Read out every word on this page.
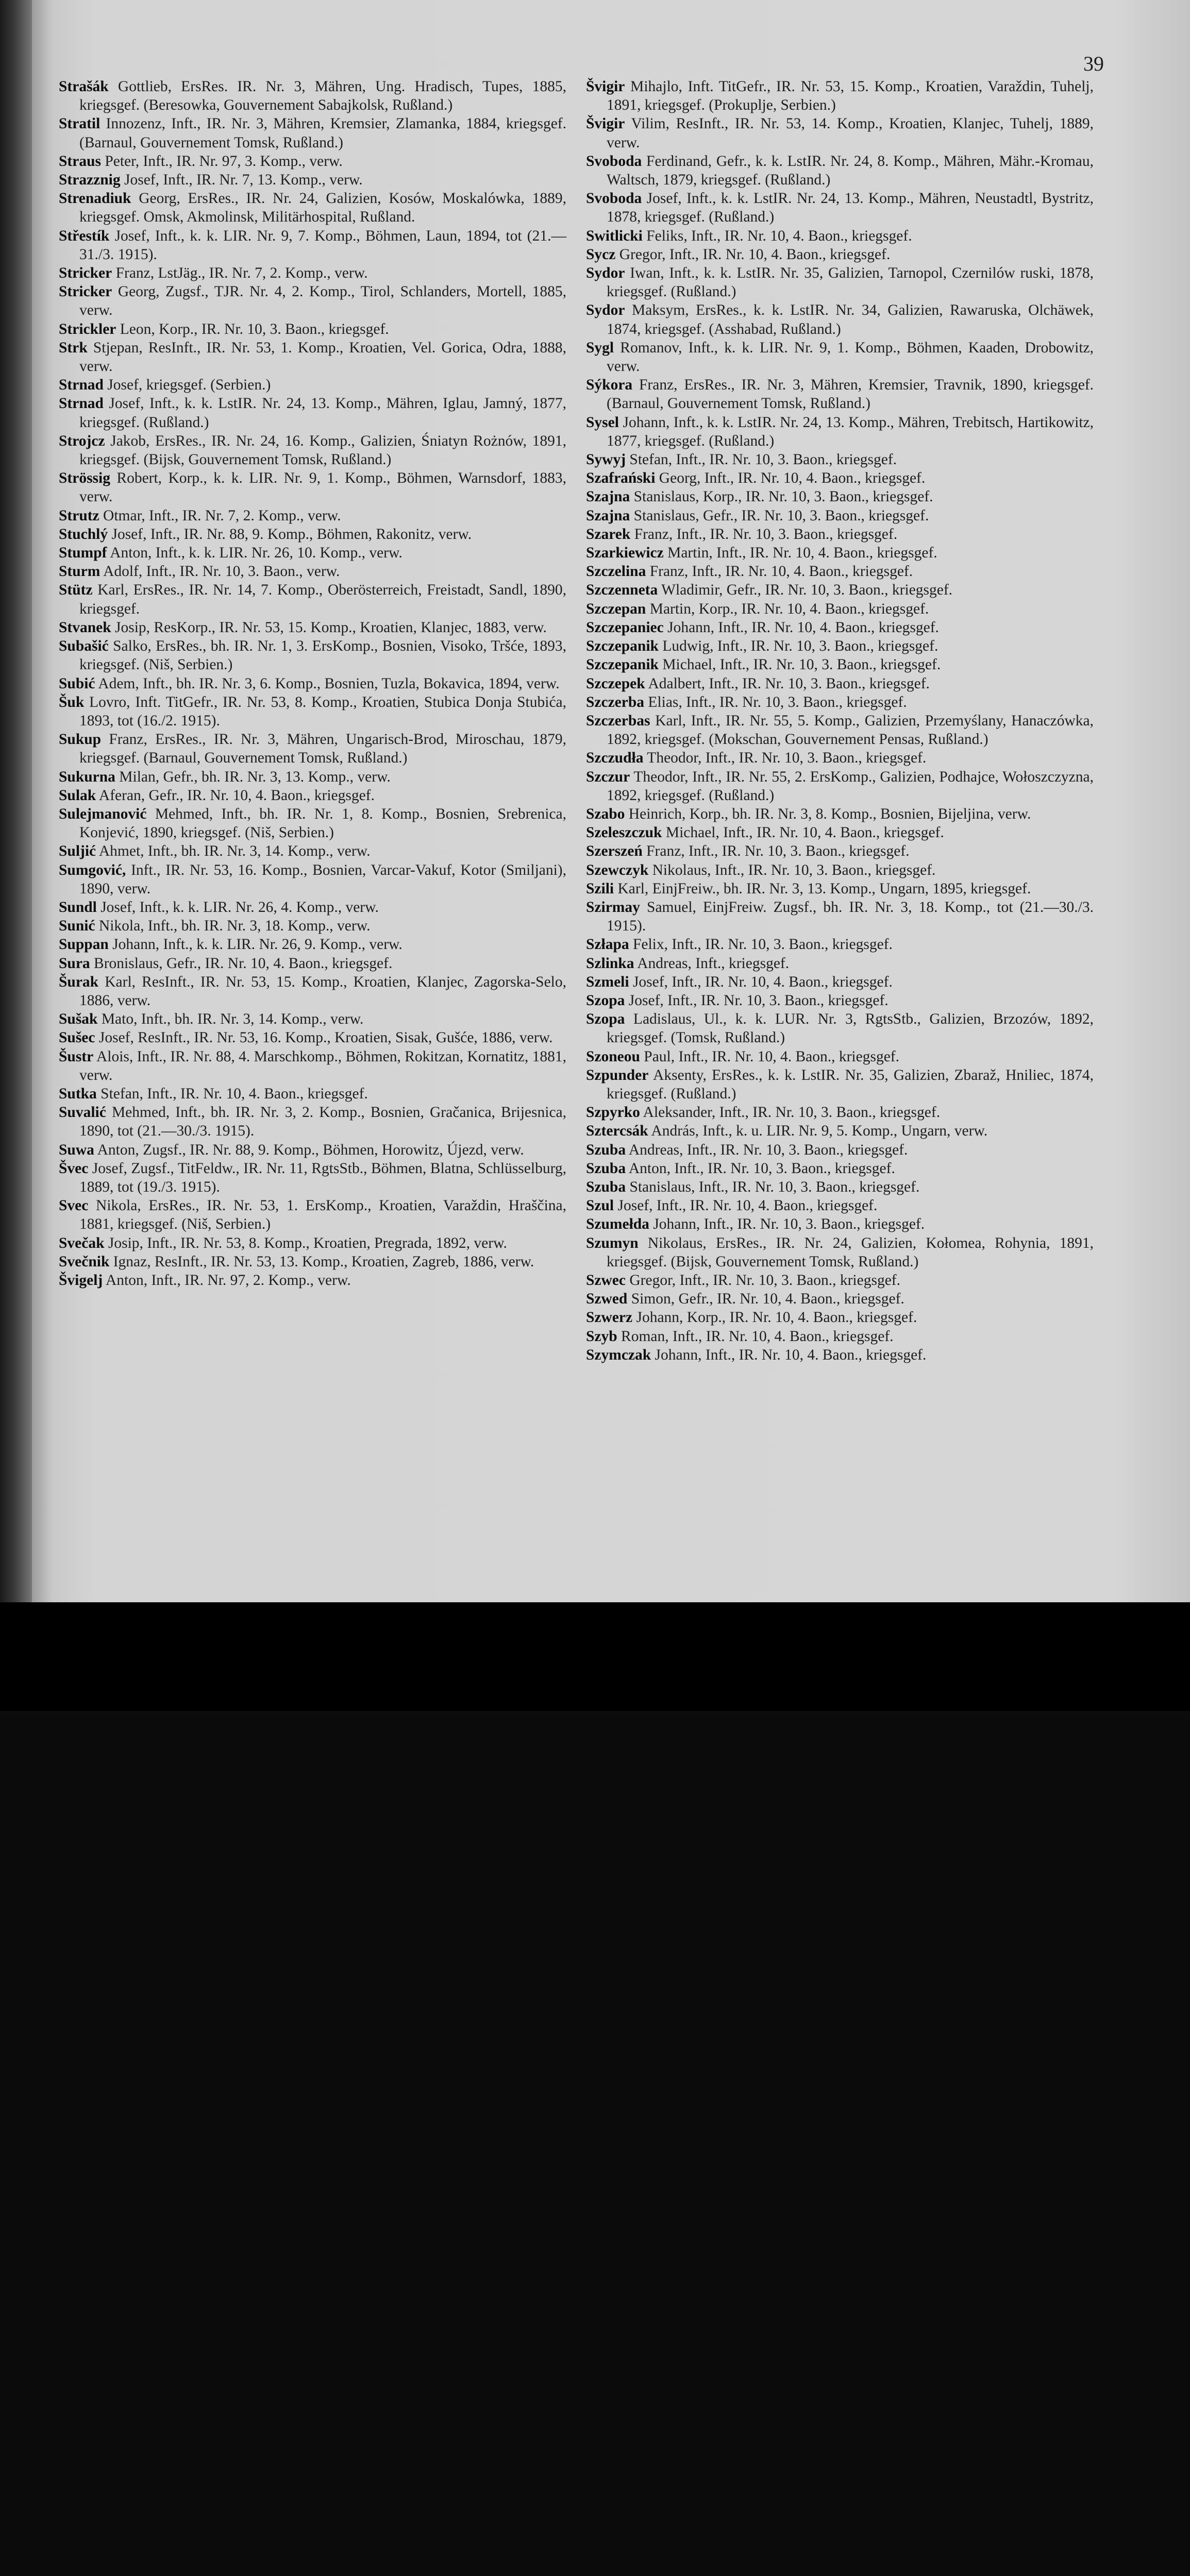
39
Strašák Gottlieb, ErsRes. IR. Nr. 3, Mähren, Ung. Hradisch, Tupes, 1885, kriegsgef. (Beresowka, Gouvernement Sabajkolsk, Rußland.)
Stratil Innozenz, Inft., IR. Nr. 3, Mähren, Kremsier, Zlamanka, 1884, kriegsgef. (Barnaul, Gouvernement Tomsk, Rußland.)
Straus Peter, Inft., IR. Nr. 97, 3. Komp., verw.
Strazznig Josef, Inft., IR. Nr. 7, 13. Komp., verw.
Strenadiuk Georg, ErsRes., IR. Nr. 24, Galizien, Kosów, Moskalówka, 1889, kriegsgef. Omsk, Akmolinsk, Militärhospital, Rußland.
Střestík Josef, Inft., k. k. LIR. Nr. 9, 7. Komp., Böhmen, Laun, 1894, tot (21.—31./3. 1915).
Stricker Franz, LstJäg., IR. Nr. 7, 2. Komp., verw.
Stricker Georg, Zugsf., TJR. Nr. 4, 2. Komp., Tirol, Schlanders, Mortell, 1885, verw.
Strickler Leon, Korp., IR. Nr. 10, 3. Baon., kriegsgef.
Strk Stjepan, ResInft., IR. Nr. 53, 1. Komp., Kroatien, Vel. Gorica, Odra, 1888, verw.
Strnad Josef, kriegsgef. (Serbien.)
Strnad Josef, Inft., k. k. LstIR. Nr. 24, 13. Komp., Mähren, Iglau, Jamný, 1877, kriegsgef. (Rußland.)
Strojcz Jakob, ErsRes., IR. Nr. 24, 16. Komp., Galizien, Śniatyn Rożnów, 1891, kriegsgef. (Bijsk, Gouvernement Tomsk, Rußland.)
Strössig Robert, Korp., k. k. LIR. Nr. 9, 1. Komp., Böhmen, Warnsdorf, 1883, verw.
Strutz Otmar, Inft., IR. Nr. 7, 2. Komp., verw.
Stuchlý Josef, Inft., IR. Nr. 88, 9. Komp., Böhmen, Rakonitz, verw.
Stumpf Anton, Inft., k. k. LIR. Nr. 26, 10. Komp., verw.
Sturm Adolf, Inft., IR. Nr. 10, 3. Baon., verw.
Stütz Karl, ErsRes., IR. Nr. 14, 7. Komp., Oberösterreich, Freistadt, Sandl, 1890, kriegsgef.
Stvanek Josip, ResKorp., IR. Nr. 53, 15. Komp., Kroatien, Klanjec, 1883, verw.
Subašić Salko, ErsRes., bh. IR. Nr. 1, 3. ErsKomp., Bosnien, Visoko, Tršće, 1893, kriegsgef. (Niš, Serbien.)
Subić Adem, Inft., bh. IR. Nr. 3, 6. Komp., Bosnien, Tuzla, Bokavica, 1894, verw.
Šuk Lovro, Inft. TitGefr., IR. Nr. 53, 8. Komp., Kroatien, Stubica Donja Stubića, 1893, tot (16./2. 1915).
Sukup Franz, ErsRes., IR. Nr. 3, Mähren, Ungarisch-Brod, Miroschau, 1879, kriegsgef. (Barnaul, Gouvernement Tomsk, Rußland.)
Sukurna Milan, Gefr., bh. IR. Nr. 3, 13. Komp., verw.
Sulak Aferan, Gefr., IR. Nr. 10, 4. Baon., kriegsgef.
Sulejmanović Mehmed, Inft., bh. IR. Nr. 1, 8. Komp., Bosnien, Srebrenica, Konjević, 1890, kriegsgef. (Niš, Serbien.)
Suljić Ahmet, Inft., bh. IR. Nr. 3, 14. Komp., verw.
Sumgović, Inft., IR. Nr. 53, 16. Komp., Bosnien, Varcar-Vakuf, Kotor (Smiljani), 1890, verw.
Sundl Josef, Inft., k. k. LIR. Nr. 26, 4. Komp., verw.
Sunić Nikola, Inft., bh. IR. Nr. 3, 18. Komp., verw.
Suppan Johann, Inft., k. k. LIR. Nr. 26, 9. Komp., verw.
Sura Bronislaus, Gefr., IR. Nr. 10, 4. Baon., kriegsgef.
Šurak Karl, ResInft., IR. Nr. 53, 15. Komp., Kroatien, Klanjec, Zagorska-Selo, 1886, verw.
Sušak Mato, Inft., bh. IR. Nr. 3, 14. Komp., verw.
Sušec Josef, ResInft., IR. Nr. 53, 16. Komp., Kroatien, Sisak, Gušće, 1886, verw.
Šustr Alois, Inft., IR. Nr. 88, 4. Marschkomp., Böhmen, Rokitzan, Kornatitz, 1881, verw.
Sutka Stefan, Inft., IR. Nr. 10, 4. Baon., kriegsgef.
Suvalić Mehmed, Inft., bh. IR. Nr. 3, 2. Komp., Bosnien, Gračanica, Brijesnica, 1890, tot (21.—30./3. 1915).
Suwa Anton, Zugsf., IR. Nr. 88, 9. Komp., Böhmen, Horowitz, Újezd, verw.
Švec Josef, Zugsf., TitFeldw., IR. Nr. 11, RgtsStb., Böhmen, Blatna, Schlüsselburg, 1889, tot (19./3. 1915).
Svec Nikola, ErsRes., IR. Nr. 53, 1. ErsKomp., Kroatien, Varaždin, Hraščina, 1881, kriegsgef. (Niš, Serbien.)
Svečak Josip, Inft., IR. Nr. 53, 8. Komp., Kroatien, Pregrada, 1892, verw.
Svečnik Ignaz, ResInft., IR. Nr. 53, 13. Komp., Kroatien, Zagreb, 1886, verw.
Švigelj Anton, Inft., IR. Nr. 97, 2. Komp., verw.
Švigir Mihajlo, Inft. TitGefr., IR. Nr. 53, 15. Komp., Kroatien, Varaždin, Tuhelj, 1891, kriegsgef. (Prokuplje, Serbien.)
Švigir Vilim, ResInft., IR. Nr. 53, 14. Komp., Kroatien, Klanjec, Tuhelj, 1889, verw.
Svoboda Ferdinand, Gefr., k. k. LstIR. Nr. 24, 8. Komp., Mähren, Mähr.-Kromau, Waltsch, 1879, kriegsgef. (Rußland.)
Svoboda Josef, Inft., k. k. LstIR. Nr. 24, 13. Komp., Mähren, Neustadtl, Bystritz, 1878, kriegsgef. (Rußland.)
Switlicki Feliks, Inft., IR. Nr. 10, 4. Baon., kriegsgef.
Sycz Gregor, Inft., IR. Nr. 10, 4. Baon., kriegsgef.
Sydor Iwan, Inft., k. k. LstIR. Nr. 35, Galizien, Tarnopol, Czernilów ruski, 1878, kriegsgef. (Rußland.)
Sydor Maksym, ErsRes., k. k. LstIR. Nr. 34, Galizien, Rawaruska, Olchäwek, 1874, kriegsgef. (Asshabad, Rußland.)
Sygl Romanov, Inft., k. k. LIR. Nr. 9, 1. Komp., Böhmen, Kaaden, Drobowitz, verw.
Sýkora Franz, ErsRes., IR. Nr. 3, Mähren, Kremsier, Travnik, 1890, kriegsgef. (Barnaul, Gouvernement Tomsk, Rußland.)
Sysel Johann, Inft., k. k. LstIR. Nr. 24, 13. Komp., Mähren, Trebitsch, Hartikowitz, 1877, kriegsgef. (Rußland.)
Sywyj Stefan, Inft., IR. Nr. 10, 3. Baon., kriegsgef.
Szafrański Georg, Inft., IR. Nr. 10, 4. Baon., kriegsgef.
Szajna Stanislaus, Korp., IR. Nr. 10, 3. Baon., kriegsgef.
Szajna Stanislaus, Gefr., IR. Nr. 10, 3. Baon., kriegsgef.
Szarek Franz, Inft., IR. Nr. 10, 3. Baon., kriegsgef.
Szarkiewicz Martin, Inft., IR. Nr. 10, 4. Baon., kriegsgef.
Szczelina Franz, Inft., IR. Nr. 10, 4. Baon., kriegsgef.
Szczenneta Wladimir, Gefr., IR. Nr. 10, 3. Baon., kriegsgef.
Szczepan Martin, Korp., IR. Nr. 10, 4. Baon., kriegsgef.
Szczepaniec Johann, Inft., IR. Nr. 10, 4. Baon., kriegsgef.
Szczepanik Ludwig, Inft., IR. Nr. 10, 3. Baon., kriegsgef.
Szczepanik Michael, Inft., IR. Nr. 10, 3. Baon., kriegsgef.
Szczepek Adalbert, Inft., IR. Nr. 10, 3. Baon., kriegsgef.
Szczerba Elias, Inft., IR. Nr. 10, 3. Baon., kriegsgef.
Szczerbas Karl, Inft., IR. Nr. 55, 5. Komp., Galizien, Przemyślany, Hanaczówka, 1892, kriegsgef. (Mokschan, Gouvernement Pensas, Rußland.)
Szczudła Theodor, Inft., IR. Nr. 10, 3. Baon., kriegsgef.
Szczur Theodor, Inft., IR. Nr. 55, 2. ErsKomp., Galizien, Podhajce, Wołoszczyzna, 1892, kriegsgef. (Rußland.)
Szabo Heinrich, Korp., bh. IR. Nr. 3, 8. Komp., Bosnien, Bijeljina, verw.
Szeleszczuk Michael, Inft., IR. Nr. 10, 4. Baon., kriegsgef.
Szerszeń Franz, Inft., IR. Nr. 10, 3. Baon., kriegsgef.
Szewczyk Nikolaus, Inft., IR. Nr. 10, 3. Baon., kriegsgef.
Szili Karl, EinjFreiw., bh. IR. Nr. 3, 13. Komp., Ungarn, 1895, kriegsgef.
Szirmay Samuel, EinjFreiw. Zugsf., bh. IR. Nr. 3, 18. Komp., tot (21.—30./3. 1915).
Szłapa Felix, Inft., IR. Nr. 10, 3. Baon., kriegsgef.
Szlinka Andreas, Inft., kriegsgef.
Szmeli Josef, Inft., IR. Nr. 10, 4. Baon., kriegsgef.
Szopa Josef, Inft., IR. Nr. 10, 3. Baon., kriegsgef.
Szopa Ladislaus, Ul., k. k. LUR. Nr. 3, RgtsStb., Galizien, Brzozów, 1892, kriegsgef. (Tomsk, Rußland.)
Szoneou Paul, Inft., IR. Nr. 10, 4. Baon., kriegsgef.
Szpunder Aksenty, ErsRes., k. k. LstIR. Nr. 35, Galizien, Zbaraž, Hniliec, 1874, kriegsgef. (Rußland.)
Szpyrko Aleksander, Inft., IR. Nr. 10, 3. Baon., kriegsgef.
Sztercsák András, Inft., k. u. LIR. Nr. 9, 5. Komp., Ungarn, verw.
Szuba Andreas, Inft., IR. Nr. 10, 3. Baon., kriegsgef.
Szuba Anton, Inft., IR. Nr. 10, 3. Baon., kriegsgef.
Szuba Stanislaus, Inft., IR. Nr. 10, 3. Baon., kriegsgef.
Szul Josef, Inft., IR. Nr. 10, 4. Baon., kriegsgef.
Szumełda Johann, Inft., IR. Nr. 10, 3. Baon., kriegsgef.
Szumyn Nikolaus, ErsRes., IR. Nr. 24, Galizien, Kołomea, Rohynia, 1891, kriegsgef. (Bijsk, Gouvernement Tomsk, Rußland.)
Szwec Gregor, Inft., IR. Nr. 10, 3. Baon., kriegsgef.
Szwed Simon, Gefr., IR. Nr. 10, 4. Baon., kriegsgef.
Szwerz Johann, Korp., IR. Nr. 10, 4. Baon., kriegsgef.
Szyb Roman, Inft., IR. Nr. 10, 4. Baon., kriegsgef.
Szymczak Johann, Inft., IR. Nr. 10, 4. Baon., kriegsgef.
